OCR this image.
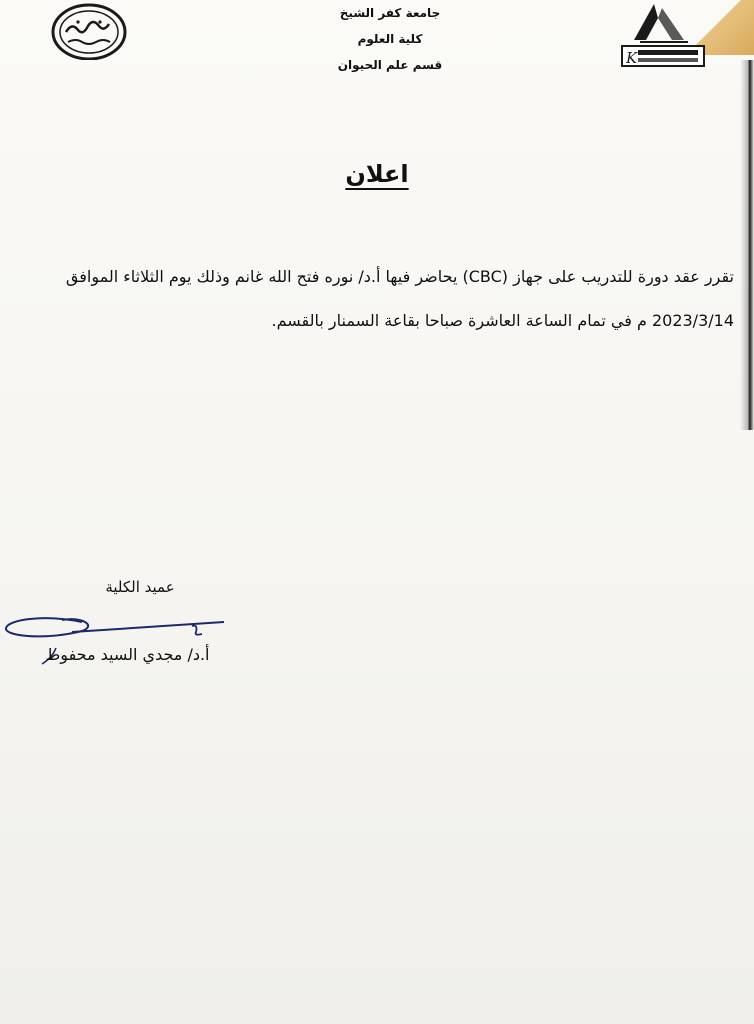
جامعة كفر الشيخ
كلية العلوم
قسم علم الحيوان	K
اعلان
تقرر عقد دورة للتدريب على جهاز (CBC) يحاضر فيها أ.د/ نوره فتح الله غانم وذلك يوم الثلاثاء الموافق
2023/3/14 م في تمام الساعة العاشرة صباحا بقاعة السمنار بالقسم.
عميد الكلية
أ.د/ مجدي السيد محفوظ
